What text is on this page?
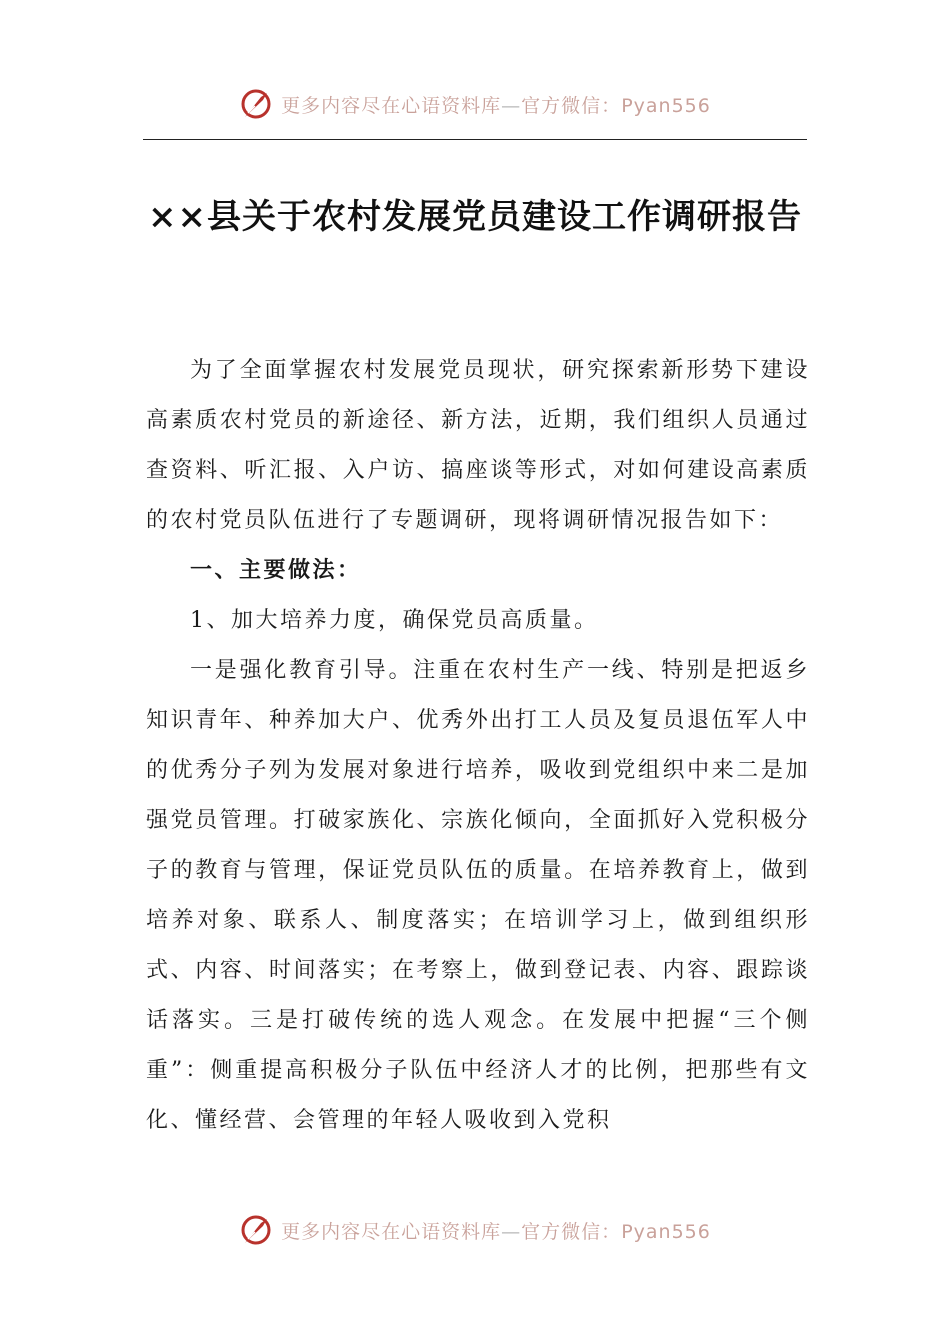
更多内容尽在心语资料库—官方微信：Pyan556
××县关于农村发展党员建设工作调研报告

为了全面掌握农村发展党员现状，研究探索新形势下建设高素质农村党员的新途径、新方法，近期，我们组织人员通过查资料、听汇报、入户访、搞座谈等形式，对如何建设高素质的农村党员队伍进行了专题调研，现将调研情况报告如下：

一、主要做法：

1、加大培养力度，确保党员高质量。

一是强化教育引导。注重在农村生产一线、特别是把返乡知识青年、种养加大户、优秀外出打工人员及复员退伍军人中的优秀分子列为发展对象进行培养，吸收到党组织中来二是加强党员管理。打破家族化、宗族化倾向，全面抓好入党积极分子的教育与管理，保证党员队伍的质量。在培养教育上，做到培养对象、联系人、制度落实；在培训学习上，做到组织形式、内容、时间落实；在考察上，做到登记表、内容、跟踪谈话落实。三是打破传统的选人观念。在发展中把握“三个侧重”：侧重提高积极分子队伍中经济人才的比例，把那些有文化、懂经营、会管理的年轻人吸收到入党积

更多内容尽在心语资料库—官方微信：Pyan556
